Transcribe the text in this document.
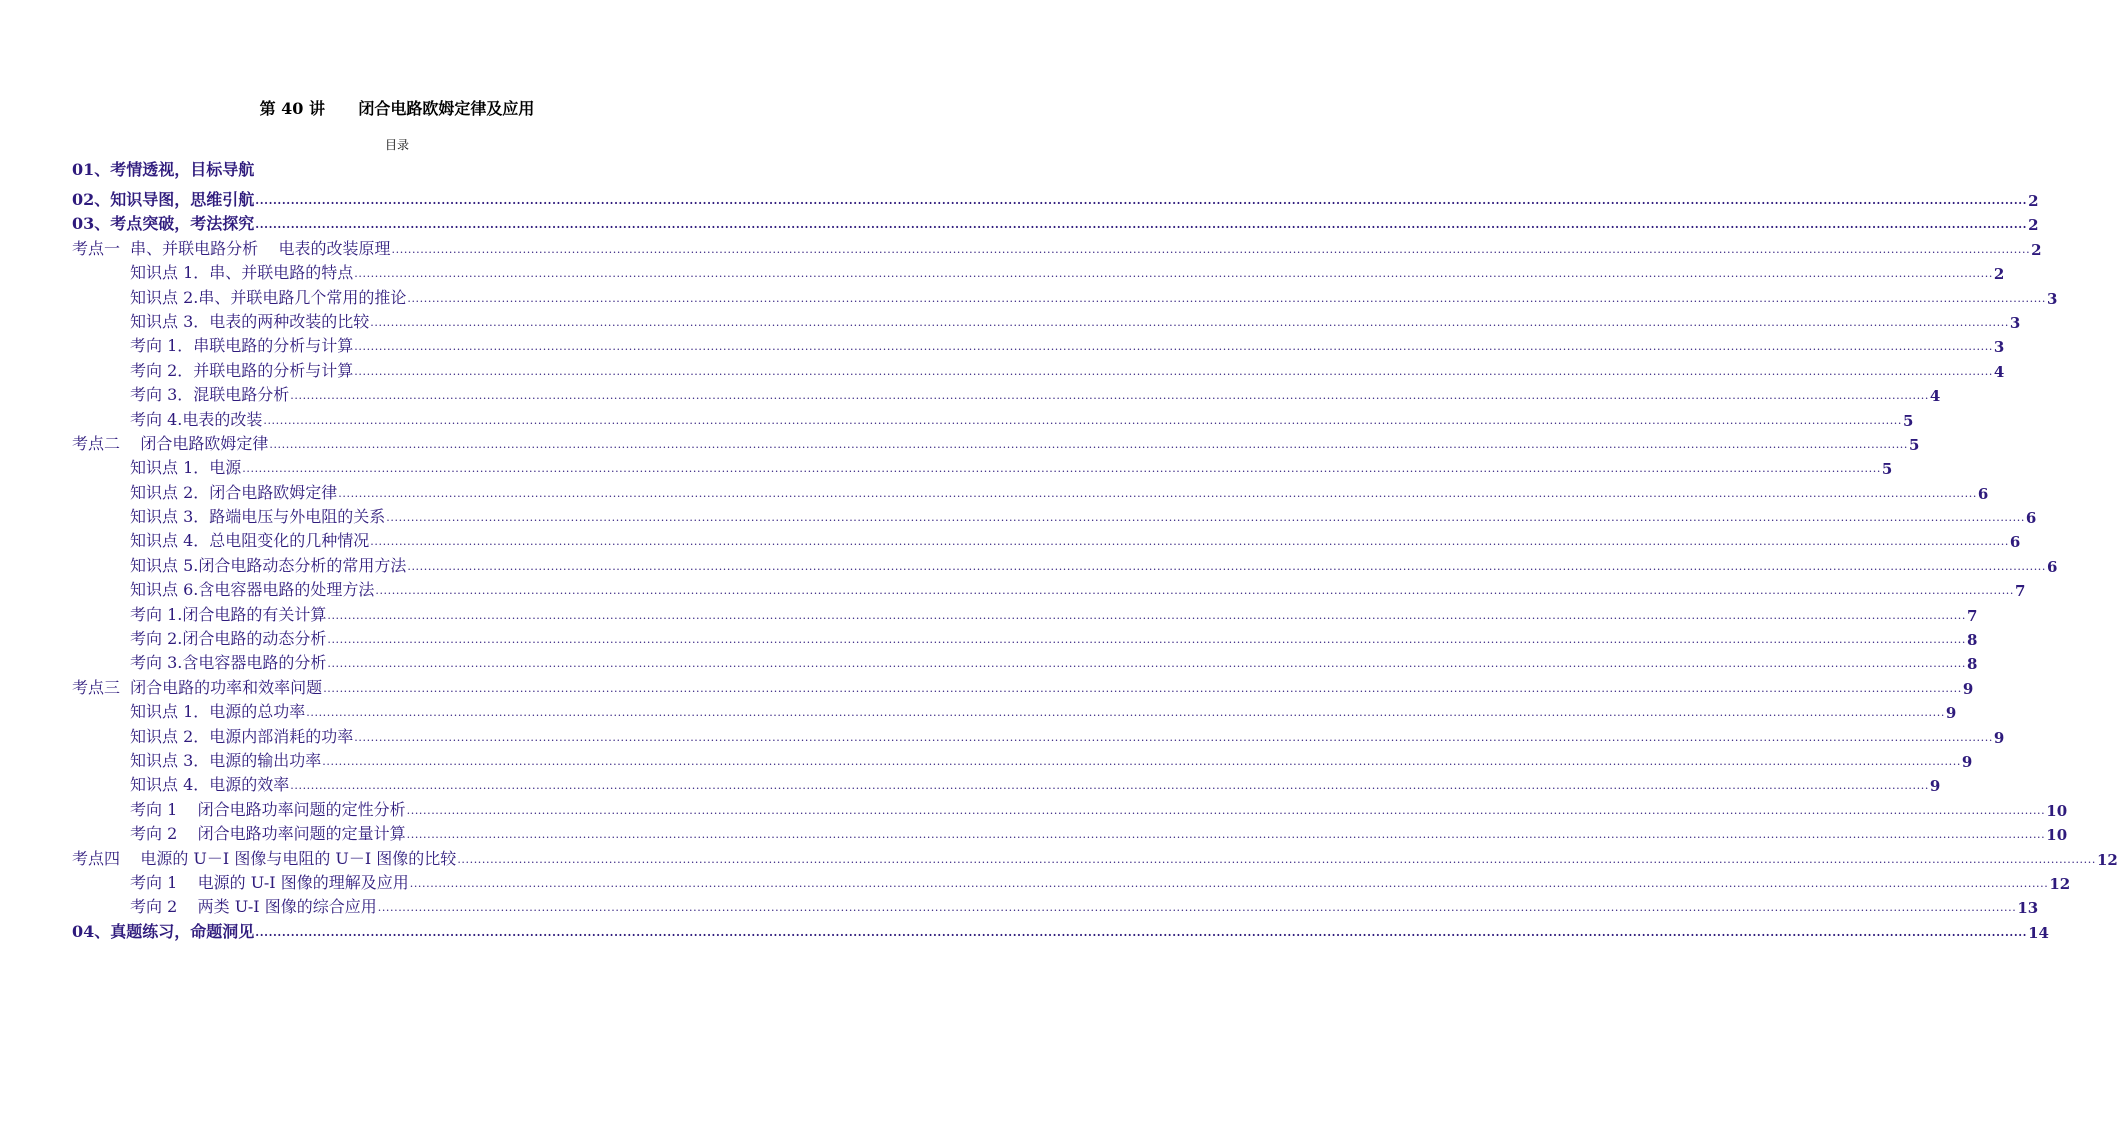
第 40 讲      闭合电路欧姆定律及应用
目录
01、考情透视，目标导航
02、知识导图，思维引航 ................................................................................................................................................................................................................................................................................................................................................................................................................ 2
03、考点突破，考法探究 ................................................................................................................................................................................................................................................................................................................................................................................................................ 2
考点一  串、并联电路分析    电表的改装原理 ................................................................................................................................................................................................................................................................................................................................................................................................................ 2
知识点 1．串、并联电路的特点 ................................................................................................................................................................................................................................................................................................................................................................................................................ 2
知识点 2.串、并联电路几个常用的推论 ................................................................................................................................................................................................................................................................................................................................................................................................................ 3
知识点 3．电表的两种改装的比较 ................................................................................................................................................................................................................................................................................................................................................................................................................ 3
考向 1．串联电路的分析与计算 ................................................................................................................................................................................................................................................................................................................................................................................................................ 3
考向 2．并联电路的分析与计算 ................................................................................................................................................................................................................................................................................................................................................................................................................ 4
考向 3．混联电路分析 ................................................................................................................................................................................................................................................................................................................................................................................................................ 4
考向 4.电表的改装 ................................................................................................................................................................................................................................................................................................................................................................................................................ 5
考点二    闭合电路欧姆定律 ................................................................................................................................................................................................................................................................................................................................................................................................................ 5
知识点 1．电源 ................................................................................................................................................................................................................................................................................................................................................................................................................ 5
知识点 2．闭合电路欧姆定律 ................................................................................................................................................................................................................................................................................................................................................................................................................ 6
知识点 3．路端电压与外电阻的关系 ................................................................................................................................................................................................................................................................................................................................................................................................................ 6
知识点 4．总电阻变化的几种情况 ................................................................................................................................................................................................................................................................................................................................................................................................................ 6
知识点 5.闭合电路动态分析的常用方法 ................................................................................................................................................................................................................................................................................................................................................................................................................ 6
知识点 6.含电容器电路的处理方法 ................................................................................................................................................................................................................................................................................................................................................................................................................ 7
考向 1.闭合电路的有关计算 ................................................................................................................................................................................................................................................................................................................................................................................................................ 7
考向 2.闭合电路的动态分析 ................................................................................................................................................................................................................................................................................................................................................................................................................ 8
考向 3.含电容器电路的分析 ................................................................................................................................................................................................................................................................................................................................................................................................................ 8
考点三  闭合电路的功率和效率问题 ................................................................................................................................................................................................................................................................................................................................................................................................................ 9
知识点 1．电源的总功率 ................................................................................................................................................................................................................................................................................................................................................................................................................ 9
知识点 2．电源内部消耗的功率 ................................................................................................................................................................................................................................................................................................................................................................................................................ 9
知识点 3．电源的输出功率 ................................................................................................................................................................................................................................................................................................................................................................................................................ 9
知识点 4．电源的效率 ................................................................................................................................................................................................................................................................................................................................................................................................................ 9
考向 1    闭合电路功率问题的定性分析 ................................................................................................................................................................................................................................................................................................................................................................................................................ 10
考向 2    闭合电路功率问题的定量计算 ................................................................................................................................................................................................................................................................................................................................................................................................................ 10
考点四    电源的 U－I 图像与电阻的 U－I 图像的比较 ................................................................................................................................................................................................................................................................................................................................................................................................................ 12
考向 1    电源的 U-I 图像的理解及应用 ................................................................................................................................................................................................................................................................................................................................................................................................................ 12
考向 2    两类 U-I 图像的综合应用 ................................................................................................................................................................................................................................................................................................................................................................................................................ 13
04、真题练习，命题洞见 ................................................................................................................................................................................................................................................................................................................................................................................................................ 14
